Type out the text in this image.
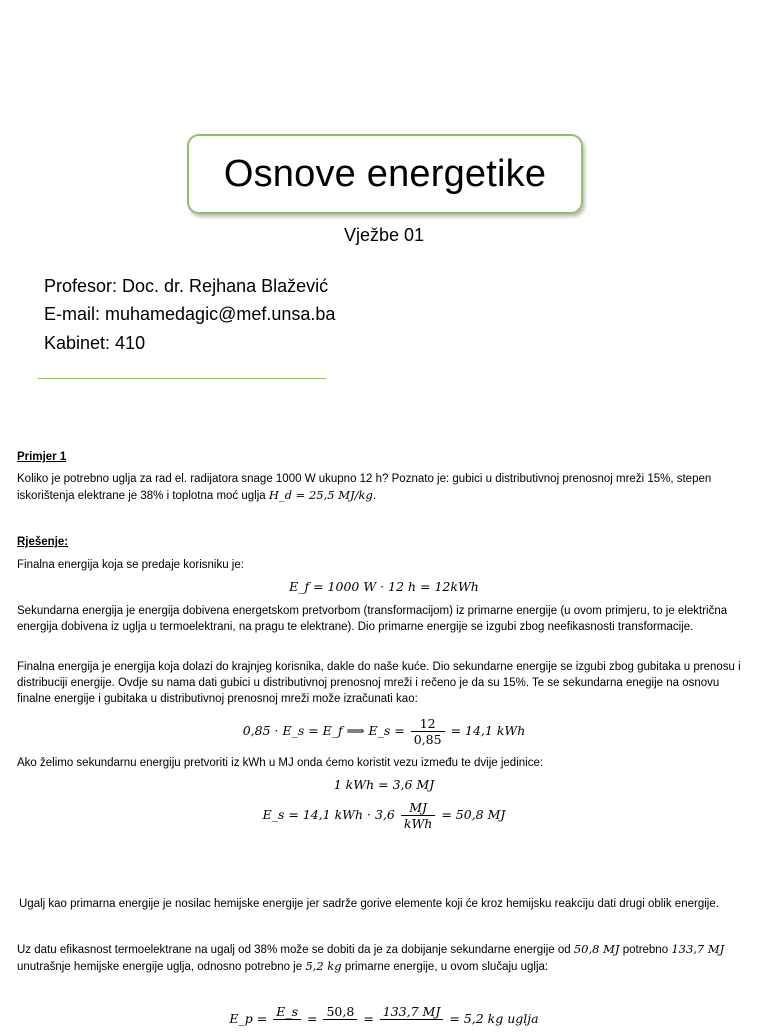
Osnove energetike
Vježbe 01
Profesor: Doc. dr. Rejhana Blažević
E-mail: muhamedagic@mef.unsa.ba
Kabinet: 410
Primjer 1
Koliko je potrebno uglja za rad el. radijatora snage 1000 W ukupno 12 h? Poznato je: gubici u distributivnoj prenosnoj mreži 15%, stepen iskorištenja elektrane je 38% i toplotna moć uglja H_d = 25,5 MJ/kg.
Rješenje:
Finalna energija koja se predaje korisniku je:
E_f = 1000 W · 12 h = 12kWh
Sekundarna energija je energija dobivena energetskom pretvorbom (transformacijom) iz primarne energije (u ovom primjeru, to je električna energija dobivena iz uglja u termoelektrani, na pragu te elektrane). Dio primarne energije se izgubi zbog neefikasnosti transformacije.
Finalna energija je energija koja dolazi do krajnjeg korisnika, dakle do naše kuće. Dio sekundarne energije se izgubi zbog gubitaka u prenosu i distribuciji energije. Ovdje su nama dati gubici u distributivnoj prenosnoj mreži i rečeno je da su 15%. Te se sekundarna enegije na osnovu finalne energije i gubitaka u distributivnoj prenosnoj mreži može izračunati kao:
0,85 · E_s = E_f ⟹ E_s = $\frac{12}{0,85} = 14,1$ kWh
Ako želimo sekundarnu energiju pretvoriti iz kWh u MJ onda ćemo koristit vezu između te dvije jedinice:
1 kWh = 3,6 MJ
E_s = 14,1 kWh · $3,6 \frac{MJ}{\text{kWh}} = 50,8$ MJ
Ugalj kao primarna energije je nosilac hemijske energije jer sadrže gorive elemente koji će kroz hemijsku reakciju dati drugi oblik energije.
Uz datu efikasnost termoelektrane na ugalj od 38% može se dobiti da je za dobijanje sekundarne energije od 50,8 MJ potrebno 133,7 MJ unutrašnje hemijske energije uglja, odnosno potrebno je 5,2 kg primarne energije, u ovom slučaju uglja:
E_p = E_s
= 50,8
= 133,7 MJ
= 5,2 kg uglja
